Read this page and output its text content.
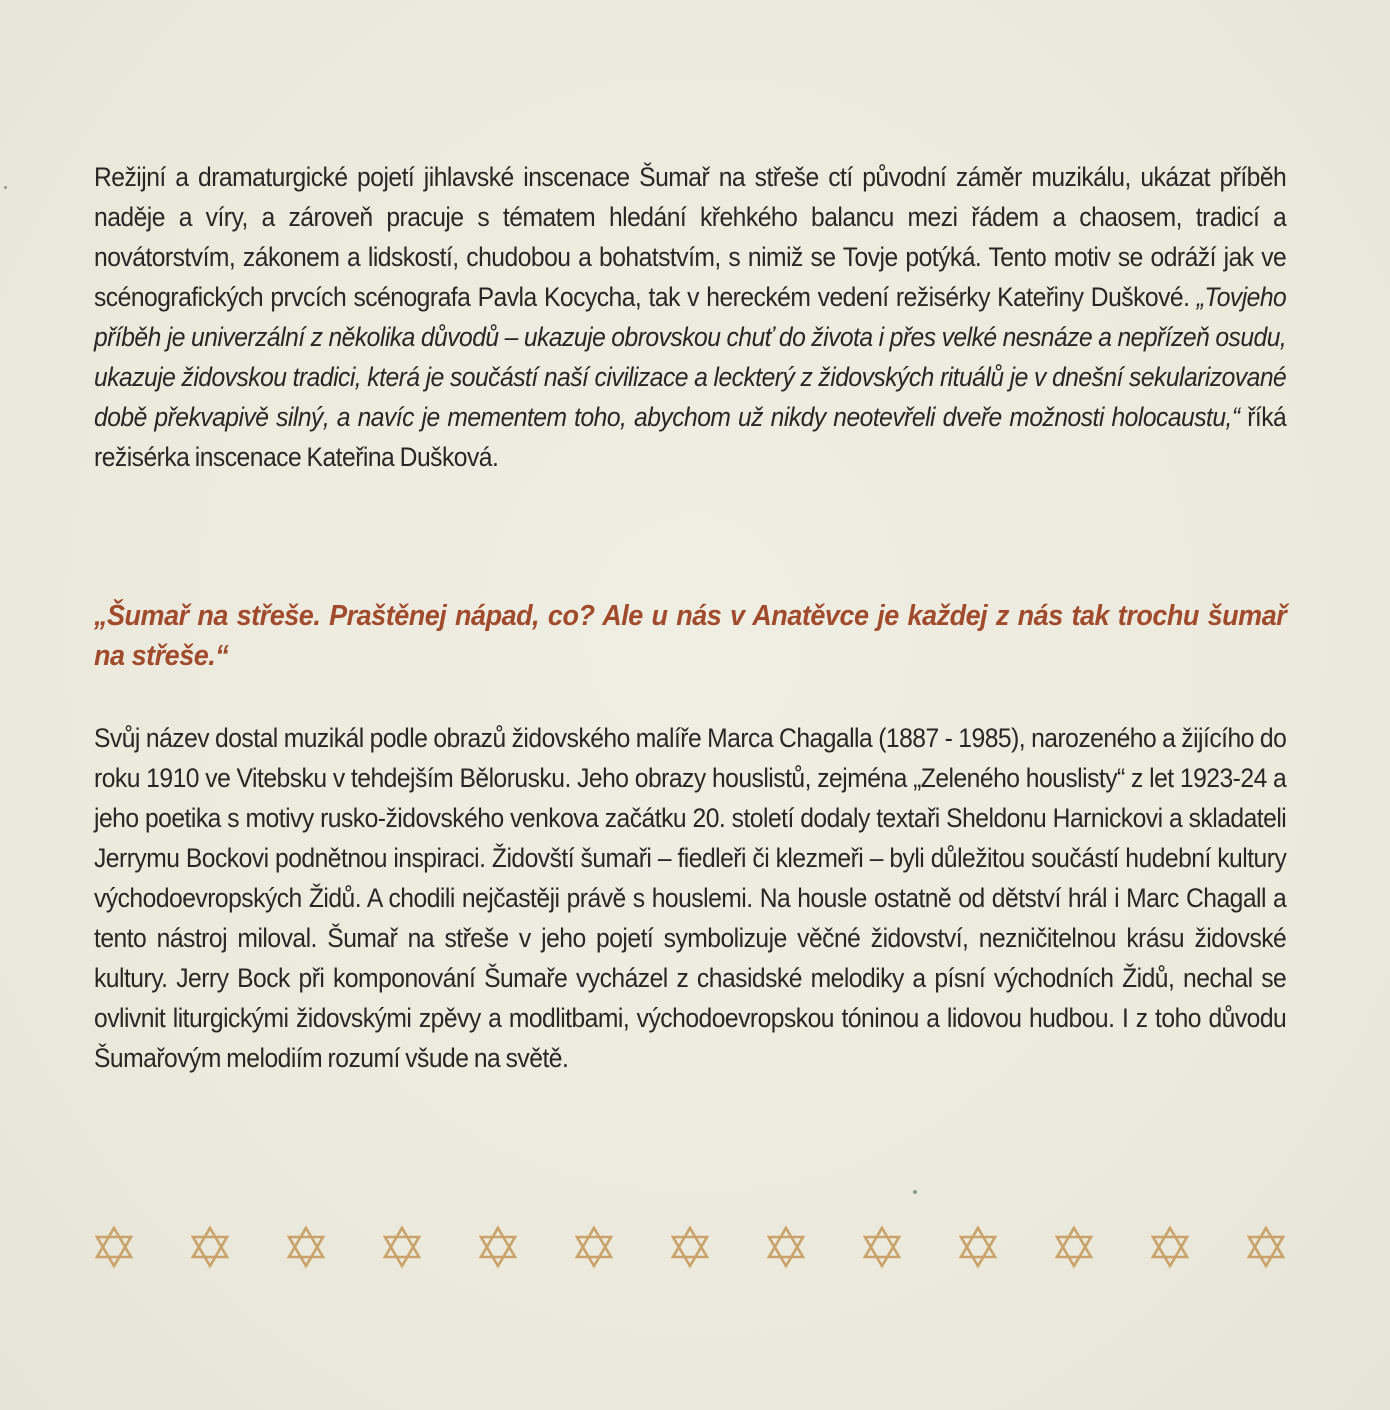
Režijní a dramaturgické pojetí jihlavské inscenace Šumař na střeše ctí původní záměr muzikálu, ukázat příběh naděje a víry, a zároveň pracuje s tématem hledání křehkého balancu mezi řádem a chaosem, tradicí a novátorstvím, zákonem a lidskostí, chudobou a bohatstvím, s nimiž se Tovje potýká. Tento motiv se odráží jak ve scénografických prvcích scénografa Pavla Kocycha, tak v hereckém vedení režisérky Kateřiny Duškové. „Tovjeho příběh je univerzální z několika důvodů – ukazuje obrovskou chuť do života i přes velké nesnáze a nepřízeň osudu, ukazuje židovskou tradici, která je součástí naší civilizace a leckterý z židovských rituálů je v dnešní sekularizované době překvapivě silný, a navíc je mementem toho, abychom už nikdy neotevřeli dveře možnosti holocaustu,“ říká režisérka inscenace Kateřina Dušková.
„Šumař na střeše. Praštěnej nápad, co? Ale u nás v Anatěvce je každej z nás tak trochu šumař na střeše.“
Svůj název dostal muzikál podle obrazů židovského malíře Marca Chagalla (1887 - 1985), narozeného a žijícího do roku 1910 ve Vitebsku v tehdejším Bělorusku. Jeho obrazy houslistů, zejména „Zeleného houslisty“ z let 1923-24 a jeho poetika s motivy rusko-židovského venkova začátku 20. století dodaly textaři Sheldonu Harnickovi a skladateli Jerrymu Bockovi podnětnou inspiraci. Židovští šumaři – fiedleři či klezmeři – byli důležitou součástí hudební kultury východoevropských Židů. A chodili nejčastěji právě s houslemi. Na housle ostatně od dětství hrál i Marc Chagall a tento nástroj miloval. Šumař na střeše v jeho pojetí symbolizuje věčné židovství, nezničitelnou krásu židovské kultury. Jerry Bock při komponování Šumaře vycházel z chasidské melodiky a písní východních Židů, nechal se ovlivnit liturgickými židovskými zpěvy a modlitbami, východoevropskou tóninou a lidovou hudbou. I z toho důvodu Šumařovým melodiím rozumí všude na světě.
